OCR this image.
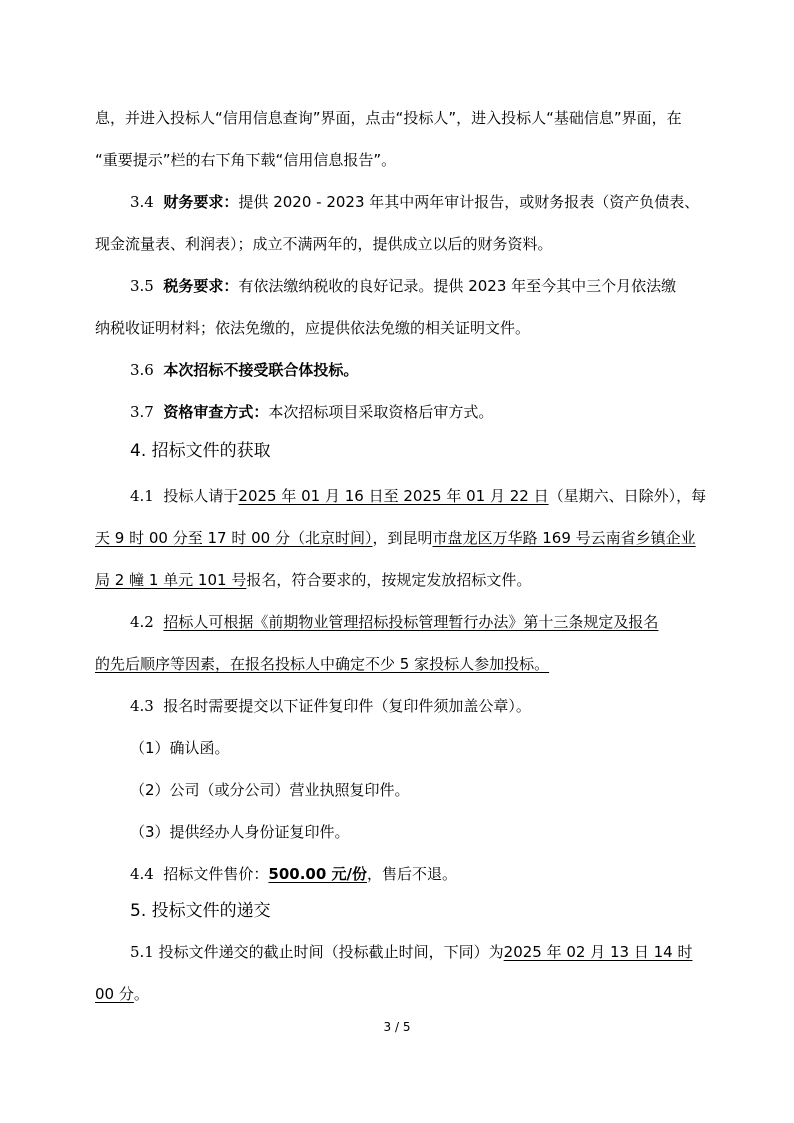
息，并进入投标人“信用信息查询”界面，点击“投标人”，进入投标人“基础信息”界面，在
“重要提示”栏的右下角下载“信用信息报告”。
3.4 财务要求：提供 2020 - 2023 年其中两年审计报告，或财务报表（资产负债表、
现金流量表、利润表）；成立不满两年的，提供成立以后的财务资料。
3.5 税务要求：有依法缴纳税收的良好记录。提供 2023 年至今其中三个月依法缴
纳税收证明材料；依法免缴的，应提供依法免缴的相关证明文件。
3.6 本次招标不接受联合体投标。
3.7 资格审查方式：本次招标项目采取资格后审方式。
4. 招标文件的获取
4.1 投标人请于2025 年 01 月 16 日至 2025 年 01 月 22 日（星期六、日除外），每
天 9 时 00 分至 17 时 00 分（北京时间），到昆明市盘龙区万华路 169 号云南省乡镇企业
局 2 幢 1 单元 101 号报名，符合要求的，按规定发放招标文件。
4.2 招标人可根据《前期物业管理招标投标管理暂行办法》第十三条规定及报名
的先后顺序等因素，在报名投标人中确定不少 5 家投标人参加投标。
4.3 报名时需要提交以下证件复印件（复印件须加盖公章）。
（1）确认函。
（2）公司（或分公司）营业执照复印件。
（3）提供经办人身份证复印件。
4.4 招标文件售价：500.00 元/份，售后不退。
5. 投标文件的递交
5.1 投标文件递交的截止时间（投标截止时间，下同）为2025 年 02 月 13 日 14 时
00 分。
3 / 5
